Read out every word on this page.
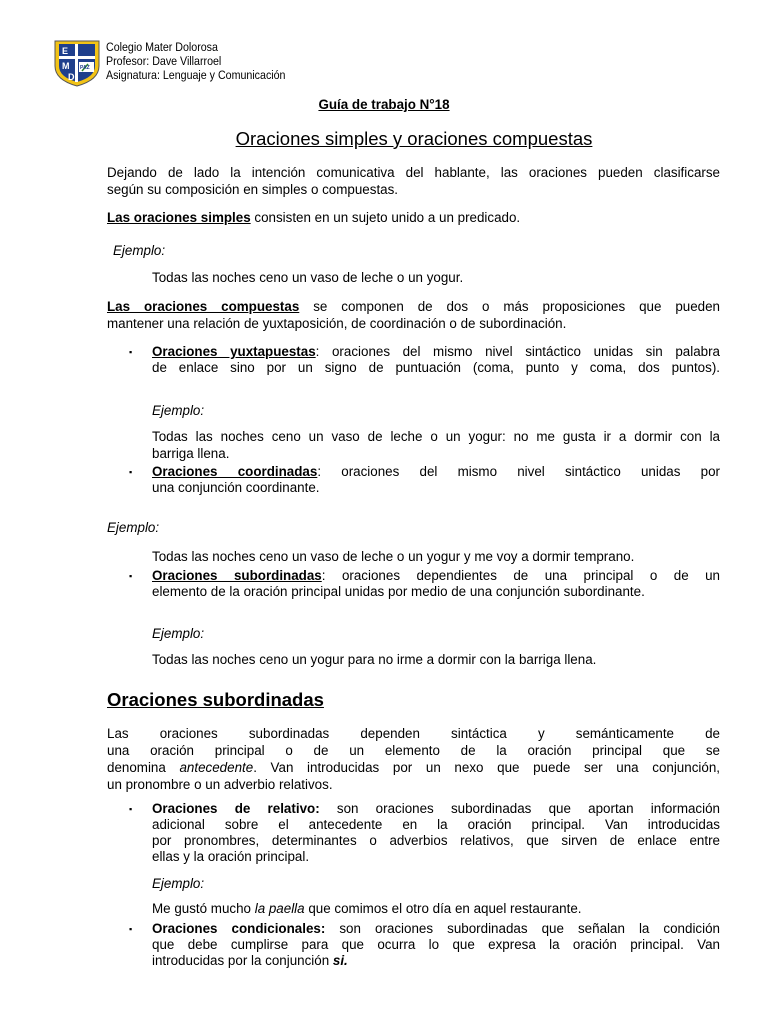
E
M
D
PAZ
Colegio Mater Dolorosa
Profesor: Dave Villarroel
Asignatura: Lenguaje y Comunicación
Guía de trabajo N°18
Oraciones simples y oraciones compuestas
Dejando de lado la intención comunicativa del hablante, las oraciones pueden clasificarse
según su composición en simples o compuestas.
Las oraciones simples consisten en un sujeto unido a un predicado.
Ejemplo:
Todas las noches ceno un vaso de leche o un yogur.
Las oraciones compuestas se componen de dos o más proposiciones que pueden
mantener una relación de yuxtaposición, de coordinación o de subordinación.
▪ Oraciones yuxtapuestas: oraciones del mismo nivel sintáctico unidas sin palabra
de enlace sino por un signo de puntuación (coma, punto y coma, dos puntos).
Ejemplo:
Todas las noches ceno un vaso de leche o un yogur: no me gusta ir a dormir con la
barriga llena.
▪ Oraciones coordinadas: oraciones del mismo nivel sintáctico unidas por
una conjunción coordinante.
Ejemplo:
Todas las noches ceno un vaso de leche o un yogur y me voy a dormir temprano.
▪ Oraciones subordinadas: oraciones dependientes de una principal o de un
elemento de la oración principal unidas por medio de una conjunción subordinante.
Ejemplo:
Todas las noches ceno un yogur para no irme a dormir con la barriga llena.
Oraciones subordinadas
Las oraciones subordinadas dependen sintáctica y semánticamente de
una oración principal o de un elemento de la oración principal que se
denomina antecedente. Van introducidas por un nexo que puede ser una conjunción,
un pronombre o un adverbio relativos.
▪ Oraciones de relativo: son oraciones subordinadas que aportan información
adicional sobre el antecedente en la oración principal. Van introducidas
por pronombres, determinantes o adverbios relativos, que sirven de enlace entre
ellas y la oración principal.
Ejemplo:
Me gustó mucho la paella que comimos el otro día en aquel restaurante.
▪ Oraciones condicionales: son oraciones subordinadas que señalan la condición
que debe cumplirse para que ocurra lo que expresa la oración principal. Van
introducidas por la conjunción si.
